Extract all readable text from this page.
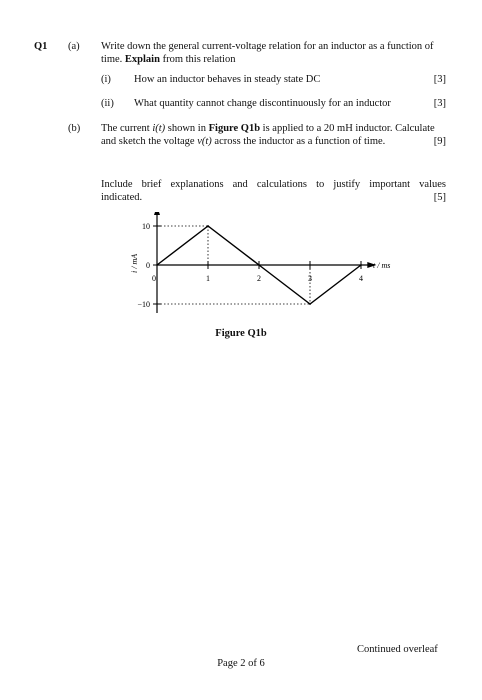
Q1 (a) Write down the general current-voltage relation for an inductor as a function of
time. Explain from this relation
(i) How an inductor behaves in steady state DC	[3]
(ii) What quantity cannot change discontinuously for an inductor	[3]
(b) The current i(t) shown in Figure Q1b is applied to a 20 mH inductor. Calculate
and sketch the voltage v(t) across the inductor as a function of time.	[9]
Include brief explanations and calculations to justify important values
indicated.	[5]
t / ms
i / mA
10
0
−10
0	1	2	3	4
Figure Q1b
Continued overleaf
Page 2 of 6
